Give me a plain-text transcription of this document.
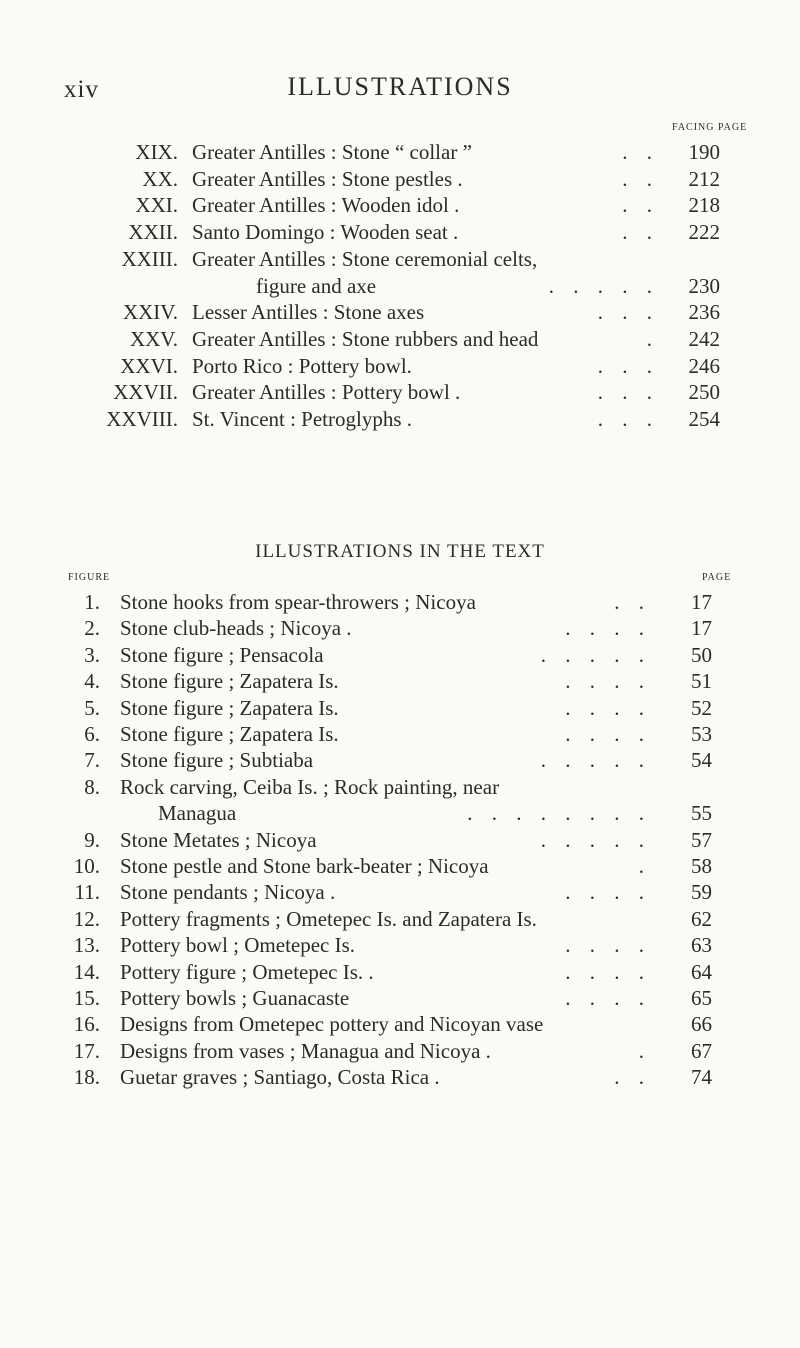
xiv	ILLUSTRATIONS
FACING PAGE
XIX. Greater Antilles : Stone “ collar ”	. .	190
XX. Greater Antilles : Stone pestles .	. .	212
XXI. Greater Antilles : Wooden idol .	. .	218
XXII. Santo Domingo : Wooden seat .	. .	222
XXIII. Greater Antilles : Stone ceremonial celts,
figure and axe	. . . . .	230
XXIV. Lesser Antilles : Stone axes	. . .	236
XXV. Greater Antilles : Stone rubbers and head	.	242
XXVI. Porto Rico : Pottery bowl.	. . .	246
XXVII. Greater Antilles : Pottery bowl .	. . .	250
XXVIII. St. Vincent : Petroglyphs .	. . .	254
ILLUSTRATIONS IN THE TEXT
FIGURE	PAGE
1. Stone hooks from spear-throwers ; Nicoya	. .	17
2. Stone club-heads ; Nicoya .	. . . .	17
3. Stone figure ; Pensacola	. . . . .	50
4. Stone figure ; Zapatera Is.	. . . .	51
5. Stone figure ; Zapatera Is.	. . . .	52
6. Stone figure ; Zapatera Is.	. . . .	53
7. Stone figure ; Subtiaba	. . . . .	54
8. Rock carving, Ceiba Is. ; Rock painting, near
Managua	. . . . . . . .	55
9. Stone Metates ; Nicoya	. . . . .	57
10. Stone pestle and Stone bark-beater ; Nicoya	.	58
11. Stone pendants ; Nicoya .	. . . .	59
12. Pottery fragments ; Ometepec Is. and Zapatera Is.	62
13. Pottery bowl ; Ometepec Is.	. . . .	63
14. Pottery figure ; Ometepec Is. .	. . . .	64
15. Pottery bowls ; Guanacaste	. . . .	65
16. Designs from Ometepec pottery and Nicoyan vase	66
17. Designs from vases ; Managua and Nicoya .	.	67
18. Guetar graves ; Santiago, Costa Rica .	. .	74
